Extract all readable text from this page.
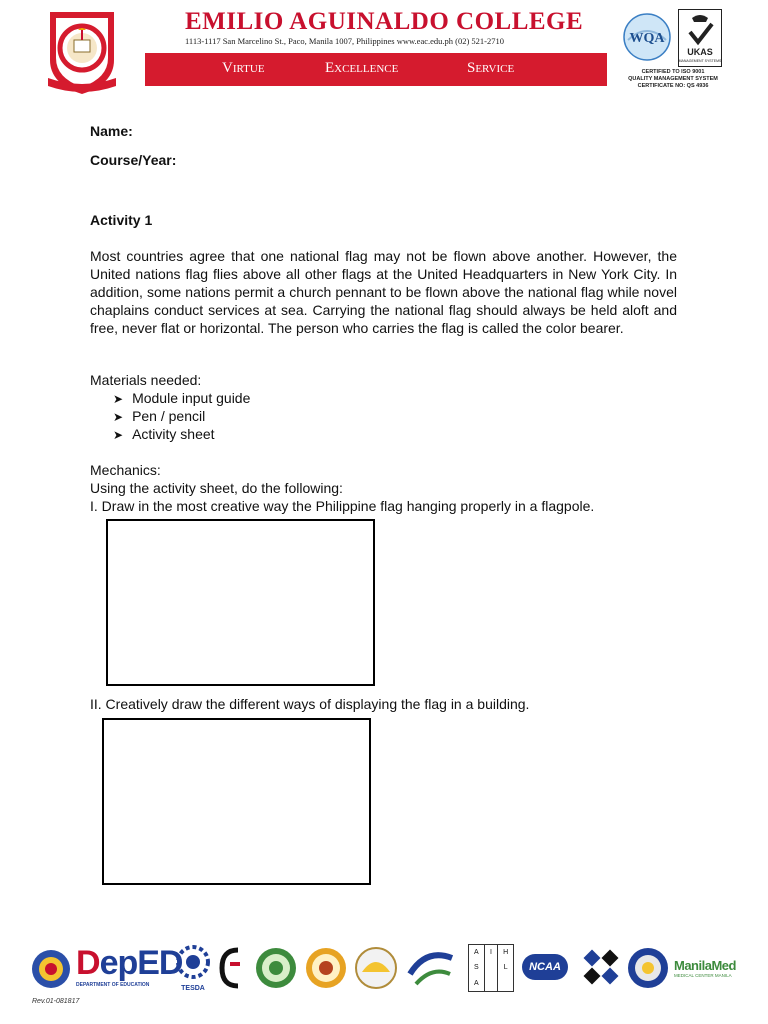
EMILIO AGUINALDO COLLEGE
1113-1117 San Marcelino St., Paco, Manila 1007, Philippines www.eac.edu.ph (02) 521-2710
Virtue	Excellence	Service
WQA
UKAS
MANAGEMENT SYSTEMS
CERTIFIED TO ISO 9001
QUALITY MANAGEMENT SYSTEM
CERTIFICATE NO: QS 4936
Name:
Course/Year:
Activity 1
Most countries agree that one national flag may not be flown above another. However, the United nations flag flies above all other flags at the United Headquarters in New York City. In addition, some nations permit a church pennant to be flown above the national flag while novel chaplains conduct services at sea. Carrying the national flag should always be held aloft and free, never flat or horizontal. The person who carries the flag is called the color bearer.
Materials needed:
➤ Module input guide
➤ Pen / pencil
➤ Activity sheet
Mechanics:
Using the activity sheet, do the following:
I. Draw in the most creative way the Philippine flag hanging properly in a flagpole.
II. Creatively draw the different ways of displaying the flag in a building.
DepED
DEPARTMENT OF EDUCATION	TESDA
A	I	H
S	L
A
NCAA	ManilaMed
MEDICAL CENTER MANILA
Rev.01-081817
